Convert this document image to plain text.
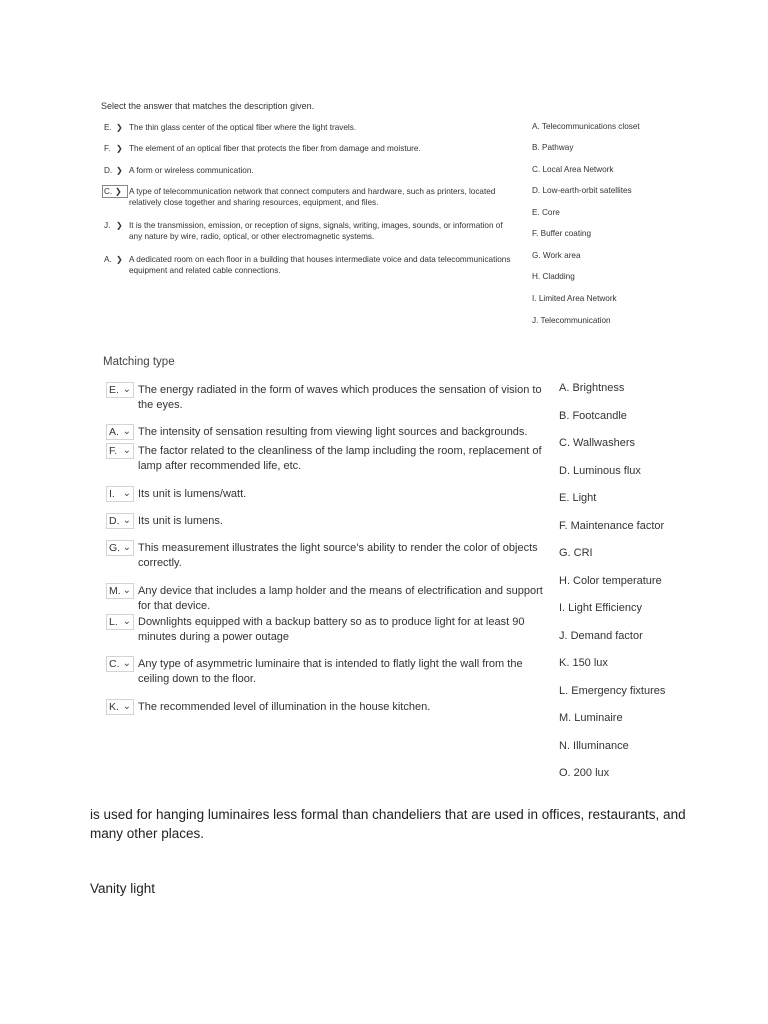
Select the answer that matches the description given.
E. ❯ The thin glass center of the optical fiber where the light travels.
F. ❯ The element of an optical fiber that protects the fiber from damage and moisture.
D. ❯ A form or wireless communication.
C. ❯ A type of telecommunication network that connect computers and hardware, such as printers, located relatively close together and sharing resources, equipment, and files.
J. ❯ It is the transmission, emission, or reception of signs, signals, writing, images, sounds, or information of any nature by wire, radio, optical, or other electromagnetic systems.
A. ❯ A dedicated room on each floor in a building that houses intermediate voice and data telecommunications equipment and related cable connections.
A. Telecommunications closet
B. Pathway
C. Local Area Network
D. Low-earth-orbit satellites
E. Core
F. Buffer coating
G. Work area
H. Cladding
I. Limited Area Network
J. Telecommunication
Matching type
E. ⌄ The energy radiated in the form of waves which produces the sensation of vision to the eyes.
A. ⌄ The intensity of sensation resulting from viewing light sources and backgrounds.
F. ⌄ The factor related to the cleanliness of the lamp including the room, replacement of lamp after recommended life, etc.
I. ⌄ Its unit is lumens/watt.
D. ⌄ Its unit is lumens.
G. ⌄ This measurement illustrates the light source’s ability to render the color of objects correctly.
M. ⌄ Any device that includes a lamp holder and the means of electrification and support for that device.
L. ⌄ Downlights equipped with a backup battery so as to produce light for at least 90 minutes during a power outage
C. ⌄ Any type of asymmetric luminaire that is intended to flatly light the wall from the ceiling down to the floor.
K. ⌄ The recommended level of illumination in the house kitchen.
A. Brightness
B. Footcandle
C. Wallwashers
D. Luminous flux
E. Light
F. Maintenance factor
G. CRI
H. Color temperature
I. Light Efficiency
J. Demand factor
K. 150 lux
L. Emergency fixtures
M. Luminaire
N. Illuminance
O. 200 lux
is used for hanging luminaires less formal than chandeliers that are used in offices, restaurants, and many other places.
Vanity light
